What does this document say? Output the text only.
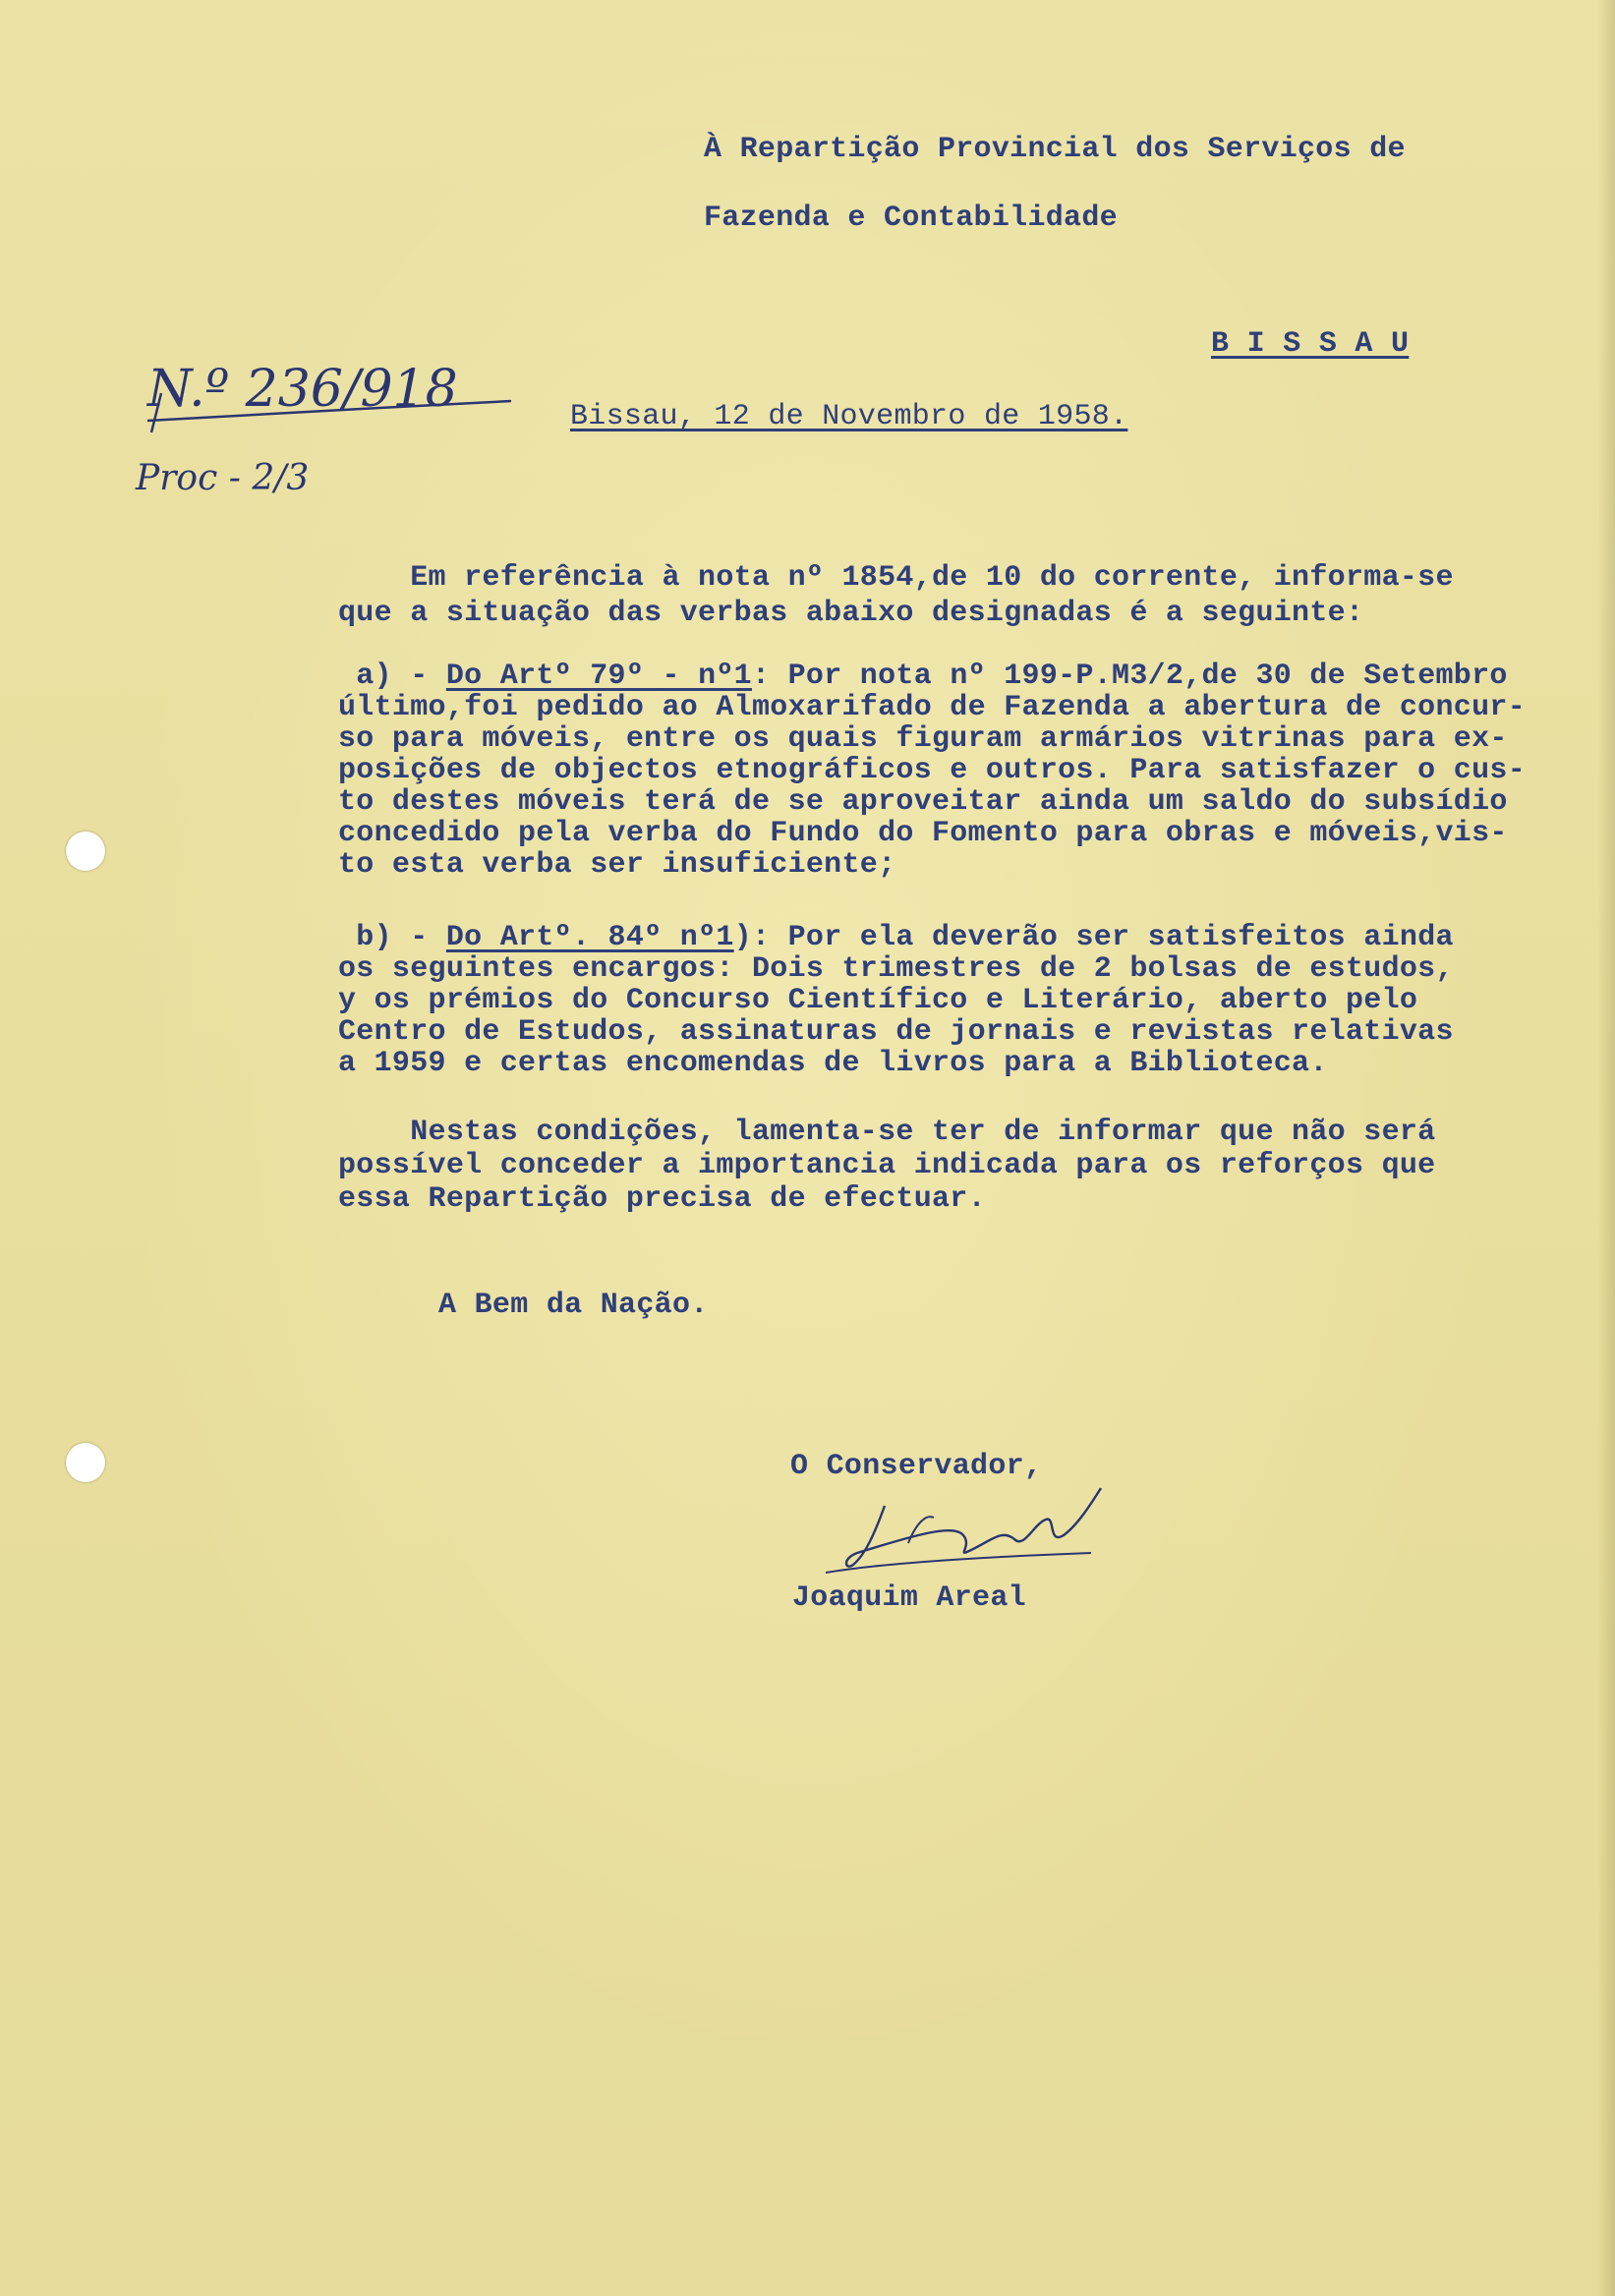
À Repartição Provincial dos Serviços de

Fazenda e Contabilidade

B I S S A U

N.º 236/918

Proc - 2/3

Bissau, 12 de Novembro de 1958.

Em referência à nota nº 1854,de 10 do corrente, informa-se

que a situação das verbas abaixo designadas é a seguinte:

a) - Do Artº 79º - nº1: Por nota nº 199-P.M3/2,de 30 de Setembro

último,foi pedido ao Almoxarifado de Fazenda a abertura de concur-

so para móveis, entre os quais figuram armários vitrinas para ex-

posições de objectos etnográficos e outros. Para satisfazer o cus-

to destes móveis terá de se aproveitar ainda um saldo do subsídio

concedido pela verba do Fundo do Fomento para obras e móveis,vis-

to esta verba ser insuficiente;

b) - Do Artº. 84º nº1): Por ela deverão ser satisfeitos ainda

os seguintes encargos: Dois trimestres de 2 bolsas de estudos,

y os prémios do Concurso Científico e Literário, aberto pelo

Centro de Estudos, assinaturas de jornais e revistas relativas

a 1959 e certas encomendas de livros para a Biblioteca.

Nestas condições, lamenta-se ter de informar que não será

possível conceder a importancia indicada para os reforços que

essa Repartição precisa de efectuar.

A Bem da Nação.

O Conservador,

Joaquim Areal
